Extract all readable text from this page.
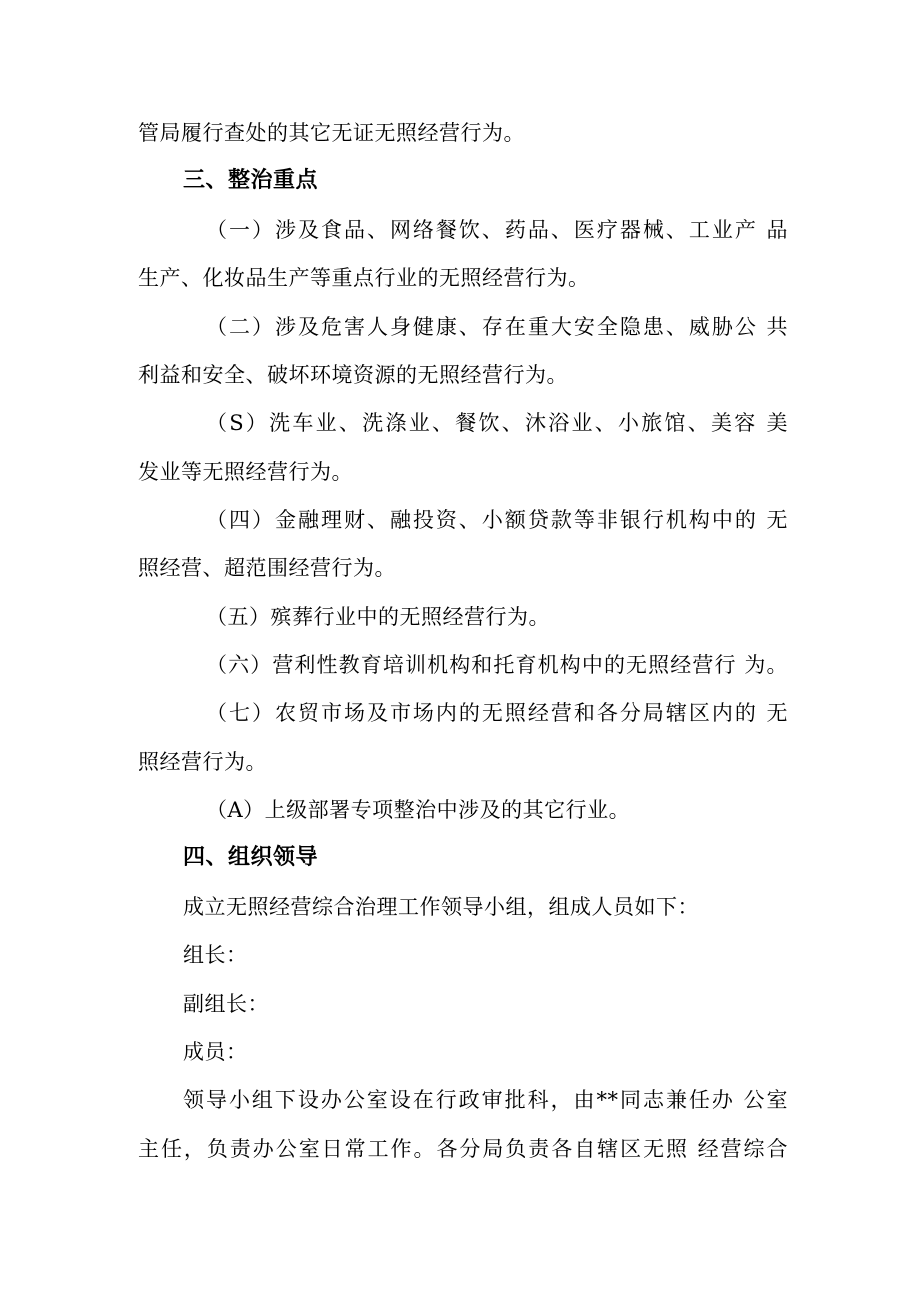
管局履行查处的其它无证无照经营行为。
三、整治重点
（一）涉及食品、网络餐饮、药品、医疗器械、工业产 品
生产、化妆品生产等重点行业的无照经营行为。
（二）涉及危害人身健康、存在重大安全隐患、威胁公 共
利益和安全、破坏环境资源的无照经营行为。
（S）洗车业、洗涤业、餐饮、沐浴业、小旅馆、美容 美
发业等无照经营行为。
（四）金融理财、融投资、小额贷款等非银行机构中的 无
照经营、超范围经营行为。
（五）殡葬行业中的无照经营行为。
（六）营利性教育培训机构和托育机构中的无照经营行 为。
（七）农贸市场及市场内的无照经营和各分局辖区内的 无
照经营行为。
（A）上级部署专项整治中涉及的其它行业。
四、组织领导
成立无照经营综合治理工作领导小组，组成人员如下：
组长：
副组长：
成员：
领导小组下设办公室设在行政审批科，由**同志兼任办 公室
主任，负责办公室日常工作。各分局负责各自辖区无照 经营综合
